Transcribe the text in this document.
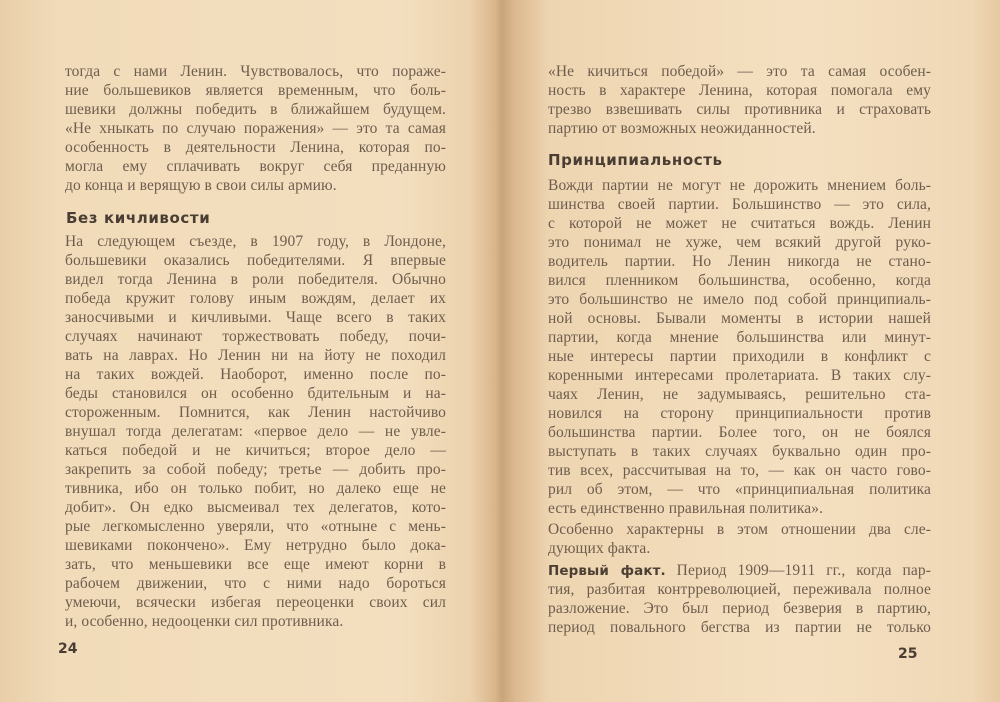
тогда с нами Ленин. Чувствовалось, что пораже-
ние большевиков является временным, что боль-
шевики должны победить в ближайшем будущем.
«Не хныкать по случаю поражения» — это та самая
особенность в деятельности Ленина, которая по-
могла ему сплачивать вокруг себя преданную
до конца и верящую в свои силы армию.
Без кичливости
На следующем съезде, в 1907 году, в Лондоне,
большевики оказались победителями. Я впервые
видел тогда Ленина в роли победителя. Обычно
победа кружит голову иным вождям, делает их
заносчивыми и кичливыми. Чаще всего в таких
случаях начинают торжествовать победу, почи-
вать на лаврах. Но Ленин ни на йоту не походил
на таких вождей. Наоборот, именно после по-
беды становился он особенно бдительным и на-
стороженным. Помнится, как Ленин настойчиво
внушал тогда делегатам: «первое дело — не увле-
каться победой и не кичиться; второе дело —
закрепить за собой победу; третье — добить про-
тивника, ибо он только побит, но далеко еще не
добит». Он едко высмеивал тех делегатов, кото-
рые легкомысленно уверяли, что «отныне с мень-
шевиками покончено». Ему нетрудно было дока-
зать, что меньшевики все еще имеют корни в
рабочем движении, что с ними надо бороться
умеючи, всячески избегая переоценки своих сил
и, особенно, недооценки сил противника.
24
«Не кичиться победой» — это та самая особен-
ность в характере Ленина, которая помогала ему
трезво взвешивать силы противника и страховать
партию от возможных неожиданностей.
Принципиальность
Вожди партии не могут не дорожить мнением боль-
шинства своей партии. Большинство — это сила,
с которой не может не считаться вождь. Ленин
это понимал не хуже, чем всякий другой руко-
водитель партии. Но Ленин никогда не стано-
вился пленником большинства, особенно, когда
это большинство не имело под собой принципиаль-
ной основы. Бывали моменты в истории нашей
партии, когда мнение большинства или минут-
ные интересы партии приходили в конфликт с
коренными интересами пролетариата. В таких слу-
чаях Ленин, не задумываясь, решительно ста-
новился на сторону принципиальности против
большинства партии. Более того, он не боялся
выступать в таких случаях буквально один про-
тив всех, рассчитывая на то, — как он часто гово-
рил об этом, — что «принципиальная политика
есть единственно правильная политика».
Особенно характерны в этом отношении два сле-
дующих факта.
Первый факт. Период 1909—1911 гг., когда пар-
тия, разбитая контрреволюцией, переживала полное
разложение. Это был период безверия в партию,
период повального бегства из партии не только
25
